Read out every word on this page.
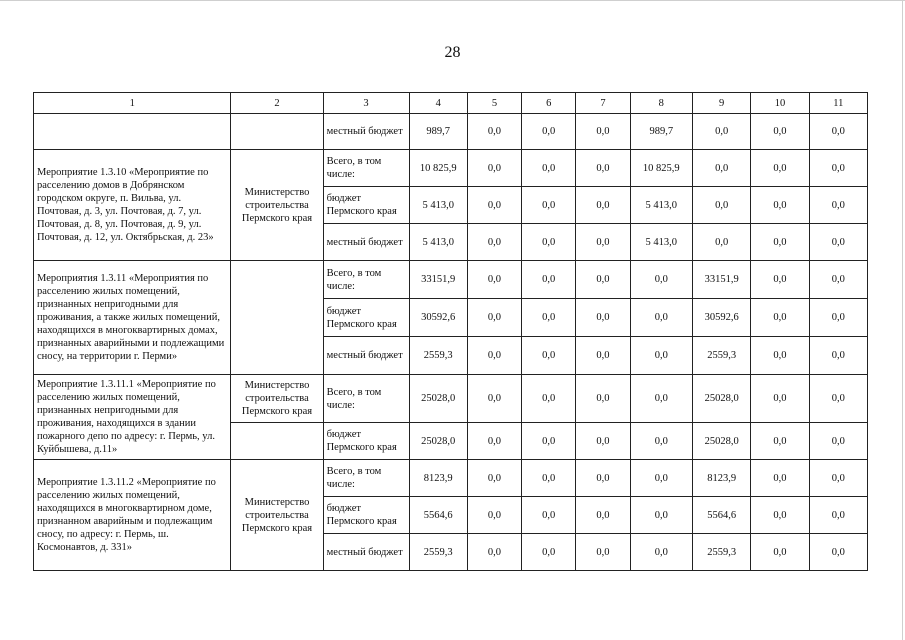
28
1	2	3	4	5	6	7	8	9	10	11
		местный бюджет	989,7	0,0	0,0	0,0	989,7	0,0	0,0	0,0
Мероприятие 1.3.10 «Мероприятие по расселению домов в Добрянском городском округе, п. Вильва, ул. Почтовая, д. 3, ул. Почтовая, д. 7, ул. Почтовая, д. 8, ул. Почтовая, д. 9, ул. Почтовая, д. 12, ул. Октябрьская, д. 23»	Министерство строительства Пермского края	Всего, в том числе:	10 825,9	0,0	0,0	0,0	10 825,9	0,0	0,0	0,0
		бюджет Пермского края	5 413,0	0,0	0,0	0,0	5 413,0	0,0	0,0	0,0
		местный бюджет	5 413,0	0,0	0,0	0,0	5 413,0	0,0	0,0	0,0
Мероприятия 1.3.11 «Мероприятия по расселению жилых помещений, признанных непригодными для проживания, а также жилых помещений, находящихся в многоквартирных домах, признанных аварийными и подлежащими сносу, на территории г. Перми»		Всего, в том числе:	33151,9	0,0	0,0	0,0	0,0	33151,9	0,0	0,0
		бюджет Пермского края	30592,6	0,0	0,0	0,0	0,0	30592,6	0,0	0,0
		местный бюджет	2559,3	0,0	0,0	0,0	0,0	2559,3	0,0	0,0
Мероприятие 1.3.11.1 «Мероприятие по расселению жилых помещений, признанных непригодными для проживания, находящихся в здании пожарного депо по адресу: г. Пермь, ул. Куйбышева, д.11»	Министерство строительства Пермского края	Всего, в том числе:	25028,0	0,0	0,0	0,0	0,0	25028,0	0,0	0,0
		бюджет Пермского края	25028,0	0,0	0,0	0,0	0,0	25028,0	0,0	0,0
Мероприятие 1.3.11.2 «Мероприятие по расселению жилых помещений, находящихся в многоквартирном доме, признанном аварийным и подлежащим сносу, по адресу: г. Пермь, ш. Космонавтов, д. 331»	Министерство строительства Пермского края	Всего, в том числе:	8123,9	0,0	0,0	0,0	0,0	8123,9	0,0	0,0
		бюджет Пермского края	5564,6	0,0	0,0	0,0	0,0	5564,6	0,0	0,0
		местный бюджет	2559,3	0,0	0,0	0,0	0,0	2559,3	0,0	0,0
